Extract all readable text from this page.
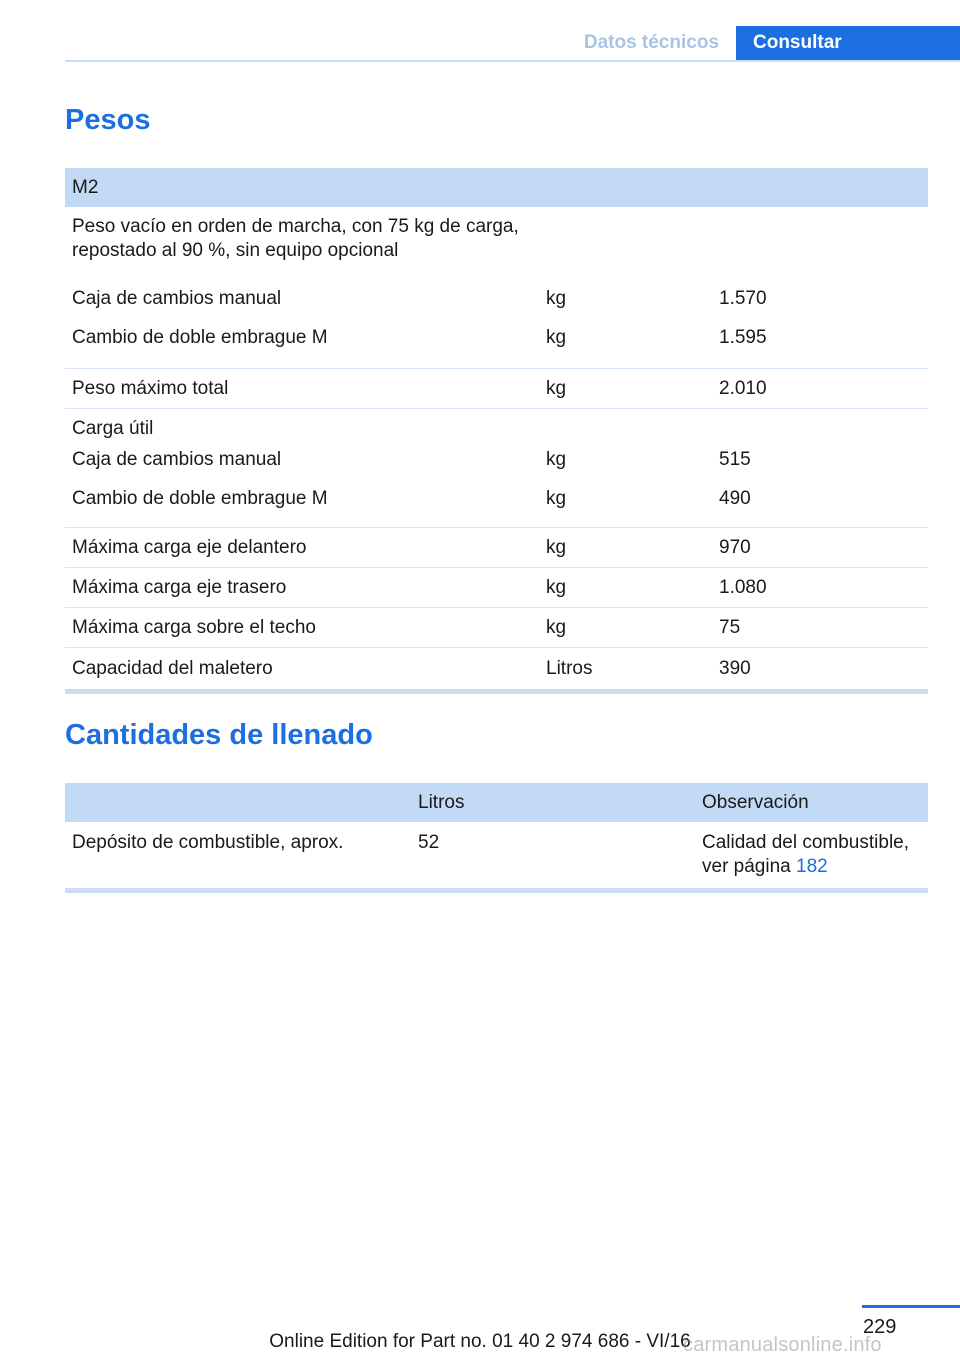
Datos técnicos	Consultar
Pesos
M2		
Peso vacío en orden de marcha, con 75 kg de carga, repostado al 90 %, sin equipo opcional		
Caja de cambios manual	kg	1.570
Cambio de doble embrague M	kg	1.595
Peso máximo total	kg	2.010
Carga útil		
Caja de cambios manual	kg	515
Cambio de doble embrague M	kg	490
Máxima carga eje delantero	kg	970
Máxima carga eje trasero	kg	1.080
Máxima carga sobre el techo	kg	75
Capacidad del maletero	Litros	390
Cantidades de llenado
	Litros	Observación
Depósito de combustible, aprox.	52	Calidad del combustible, ver página 182
229
Online Edition for Part no. 01 40 2 974 686 - VI/16
carmanualsonline.info
